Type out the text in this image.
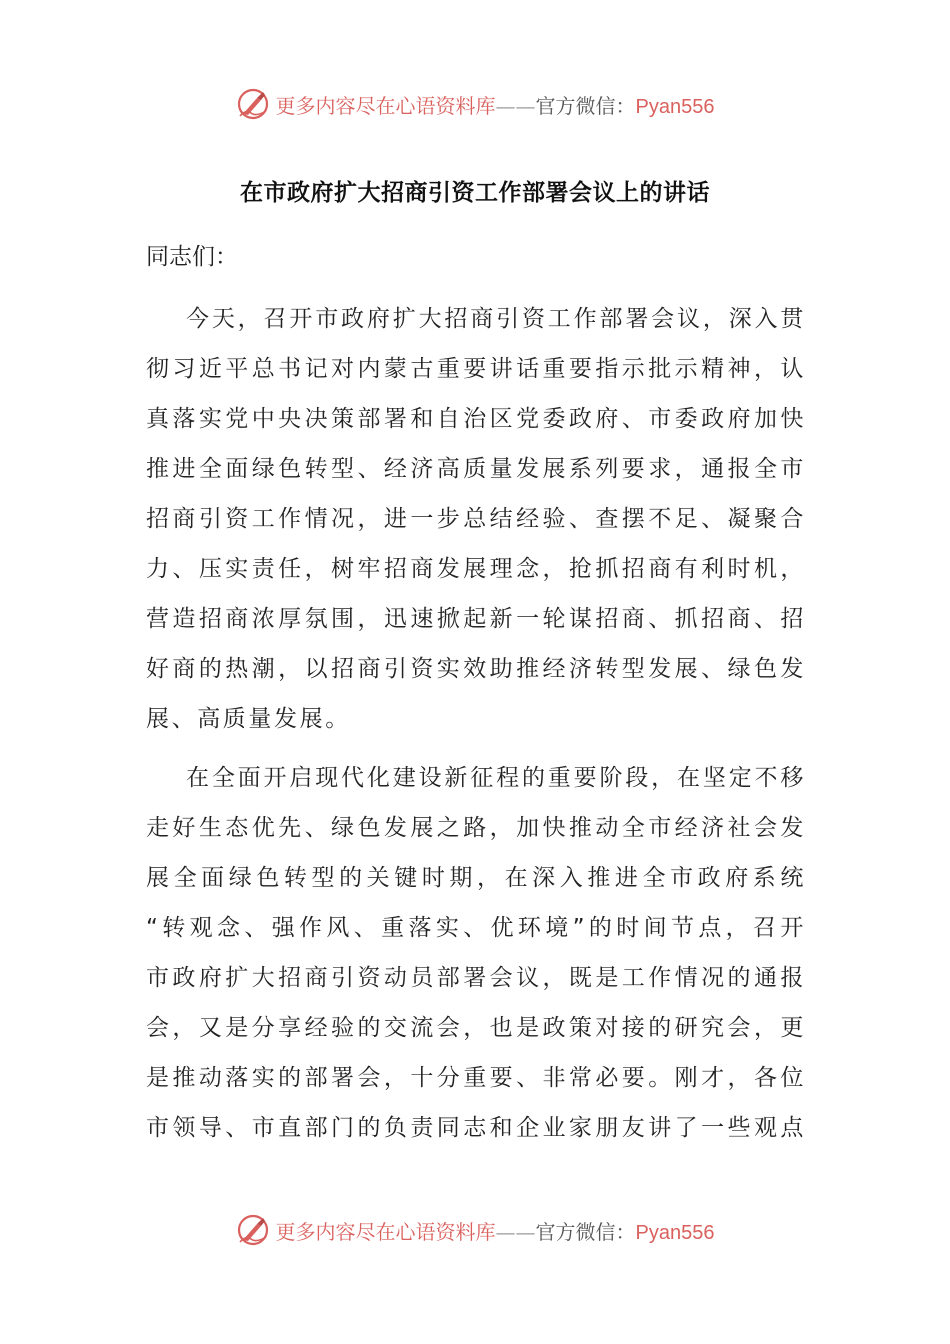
更多内容尽在心语资料库——官方微信：Pyan556
在市政府扩大招商引资工作部署会议上的讲话
同志们：
今天，召开市政府扩大招商引资工作部署会议，深入贯
彻习近平总书记对内蒙古重要讲话重要指示批示精神，认
真落实党中央决策部署和自治区党委政府、市委政府加快
推进全面绿色转型、经济高质量发展系列要求，通报全市
招商引资工作情况，进一步总结经验、查摆不足、凝聚合
力、压实责任，树牢招商发展理念，抢抓招商有利时机，
营造招商浓厚氛围，迅速掀起新一轮谋招商、抓招商、招
好商的热潮，以招商引资实效助推经济转型发展、绿色发
展、高质量发展。
在全面开启现代化建设新征程的重要阶段，在坚定不移
走好生态优先、绿色发展之路，加快推动全市经济社会发
展全面绿色转型的关键时期，在深入推进全市政府系统
“转观念、强作风、重落实、优环境”的时间节点，召开
市政府扩大招商引资动员部署会议，既是工作情况的通报
会，又是分享经验的交流会，也是政策对接的研究会，更
是推动落实的部署会，十分重要、非常必要。刚才，各位
市领导、市直部门的负责同志和企业家朋友讲了一些观点
更多内容尽在心语资料库——官方微信：Pyan556
